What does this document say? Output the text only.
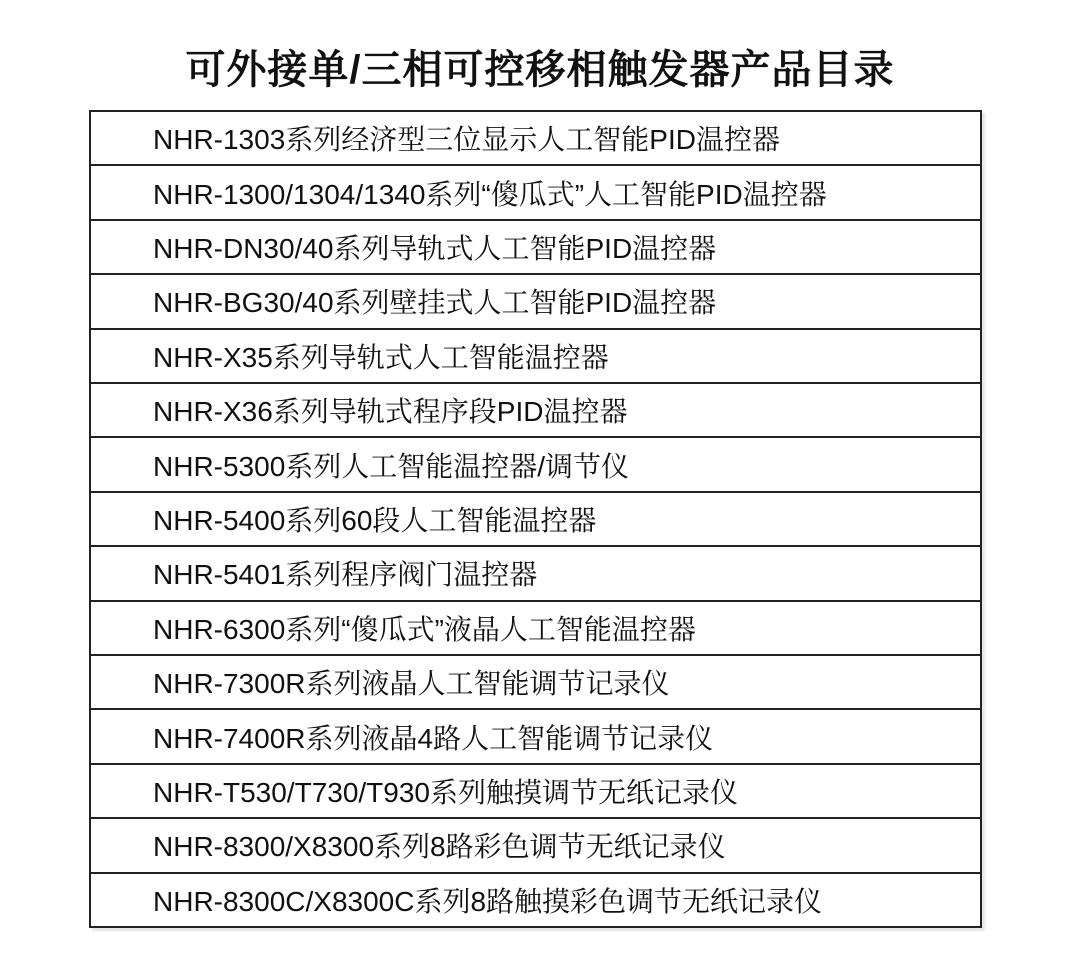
可外接单/三相可控移相触发器产品目录
NHR-1303系列经济型三位显示人工智能PID温控器
NHR-1300/1304/1340系列“傻瓜式”人工智能PID温控器
NHR-DN30/40系列导轨式人工智能PID温控器
NHR-BG30/40系列壁挂式人工智能PID温控器
NHR-X35系列导轨式人工智能温控器
NHR-X36系列导轨式程序段PID温控器
NHR-5300系列人工智能温控器/调节仪
NHR-5400系列60段人工智能温控器
NHR-5401系列程序阀门温控器
NHR-6300系列“傻瓜式”液晶人工智能温控器
NHR-7300R系列液晶人工智能调节记录仪
NHR-7400R系列液晶4路人工智能调节记录仪
NHR-T530/T730/T930系列触摸调节无纸记录仪
NHR-8300/X8300系列8路彩色调节无纸记录仪
NHR-8300C/X8300C系列8路触摸彩色调节无纸记录仪
